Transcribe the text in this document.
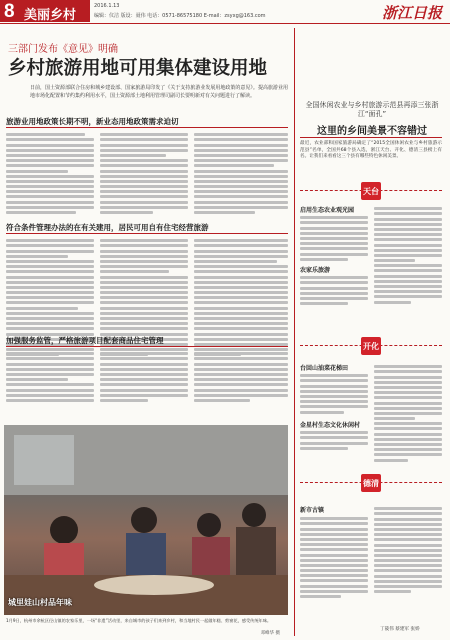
8 美丽乡村
2016.1.13
编辑：仪洁 版设：聂伟 电话：0571-86575180 E-mail：zsyxg@163.com	浙江日报
三部门发布《意见》明确
乡村旅游用地可用集体建设用地
日前，国土资源部联合住房和城乡建设部、国家旅游局印发了《关于支持旅游业发展用地政策的意见》。提高旅游业用地市场化配置和节约集约利用水平，国土资源部土地利用管理司副司长要明新对有关问题进行了解读。
旅游业用地政策长期不明，新业态用地政策需求迫切
符合条件管理办法的在有关建用，居民可用自有住宅经营旅游
加强服务监管，严格旅游项目配套商品住宅管理
城里娃山村品年味
1月9日，杭州市余杭区径山镇的农家乐里，一场“非遗”活动里，来自城市的孩子们来到乡村，和当地村民一起做年糕、剪窗花，感受传统年味。
邓峰华 摄
全国休闲农业与乡村旅游示范县再添三张浙江“面孔”
这里的乡间美景不容错过
最近，农业部和国家旅游局确定了“2015全国休闲农业与乡村旅游示范县”名单，全国共68个县入选，浙江天台、开化、德清三县榜上有名。让我们来看看这三个县有哪些特色休闲美景。
天台
启用生态农业观光园
农家乐旅游
开化
台回山油菜花梯田
金星村生态文化休闲村
德清
新市古镇
丁筱伟 蔡建军 张娇
